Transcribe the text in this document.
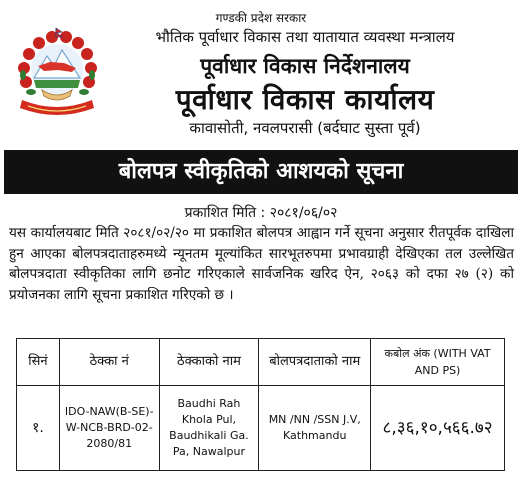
गण्डकी प्रदेश सरकार
भौतिक पूर्वाधार विकास तथा यातायात व्यवस्था मन्त्रालय
पूर्वाधार विकास निर्देशनालय
पूर्वाधार विकास कार्यालय
कावासोती, नवलपरासी (बर्दघाट सुस्ता पूर्व)
बोलपत्र स्वीकृतिको आशयको सूचना
प्रकाशित मिति : २०८१/०६/०२
यस कार्यालयबाट मिति २०८१/०२/२० मा प्रकाशित बोलपत्र आह्वान गर्ने सूचना अनुसार रीतपूर्वक दाखिला हुन आएका बोलपत्रदाताहरुमध्ये न्यूनतम मूल्यांकित सारभूतरुपमा प्रभावग्राही देखिएका तल उल्लेखित बोलपत्रदाता स्वीकृतिका लागि छनोट गरिएकाले सार्वजनिक खरिद ऐन, २०६३ को दफा २७ (२) को प्रयोजनका लागि सूचना प्रकाशित गरिएको छ ।
सिनं	ठेक्का नं	ठेक्काको नाम	बोलपत्रदाताको नाम	कबोल अंक (WITH VAT AND PS)
१.	IDO-NAW(B-SE)-W-NCB-BRD-02-2080/81	Baudhi Rah Khola Pul, Baudhikali Ga. Pa, Nawalpur	MN /NN /SSN J.V, Kathmandu	८,३६,१०,५६६.७२
